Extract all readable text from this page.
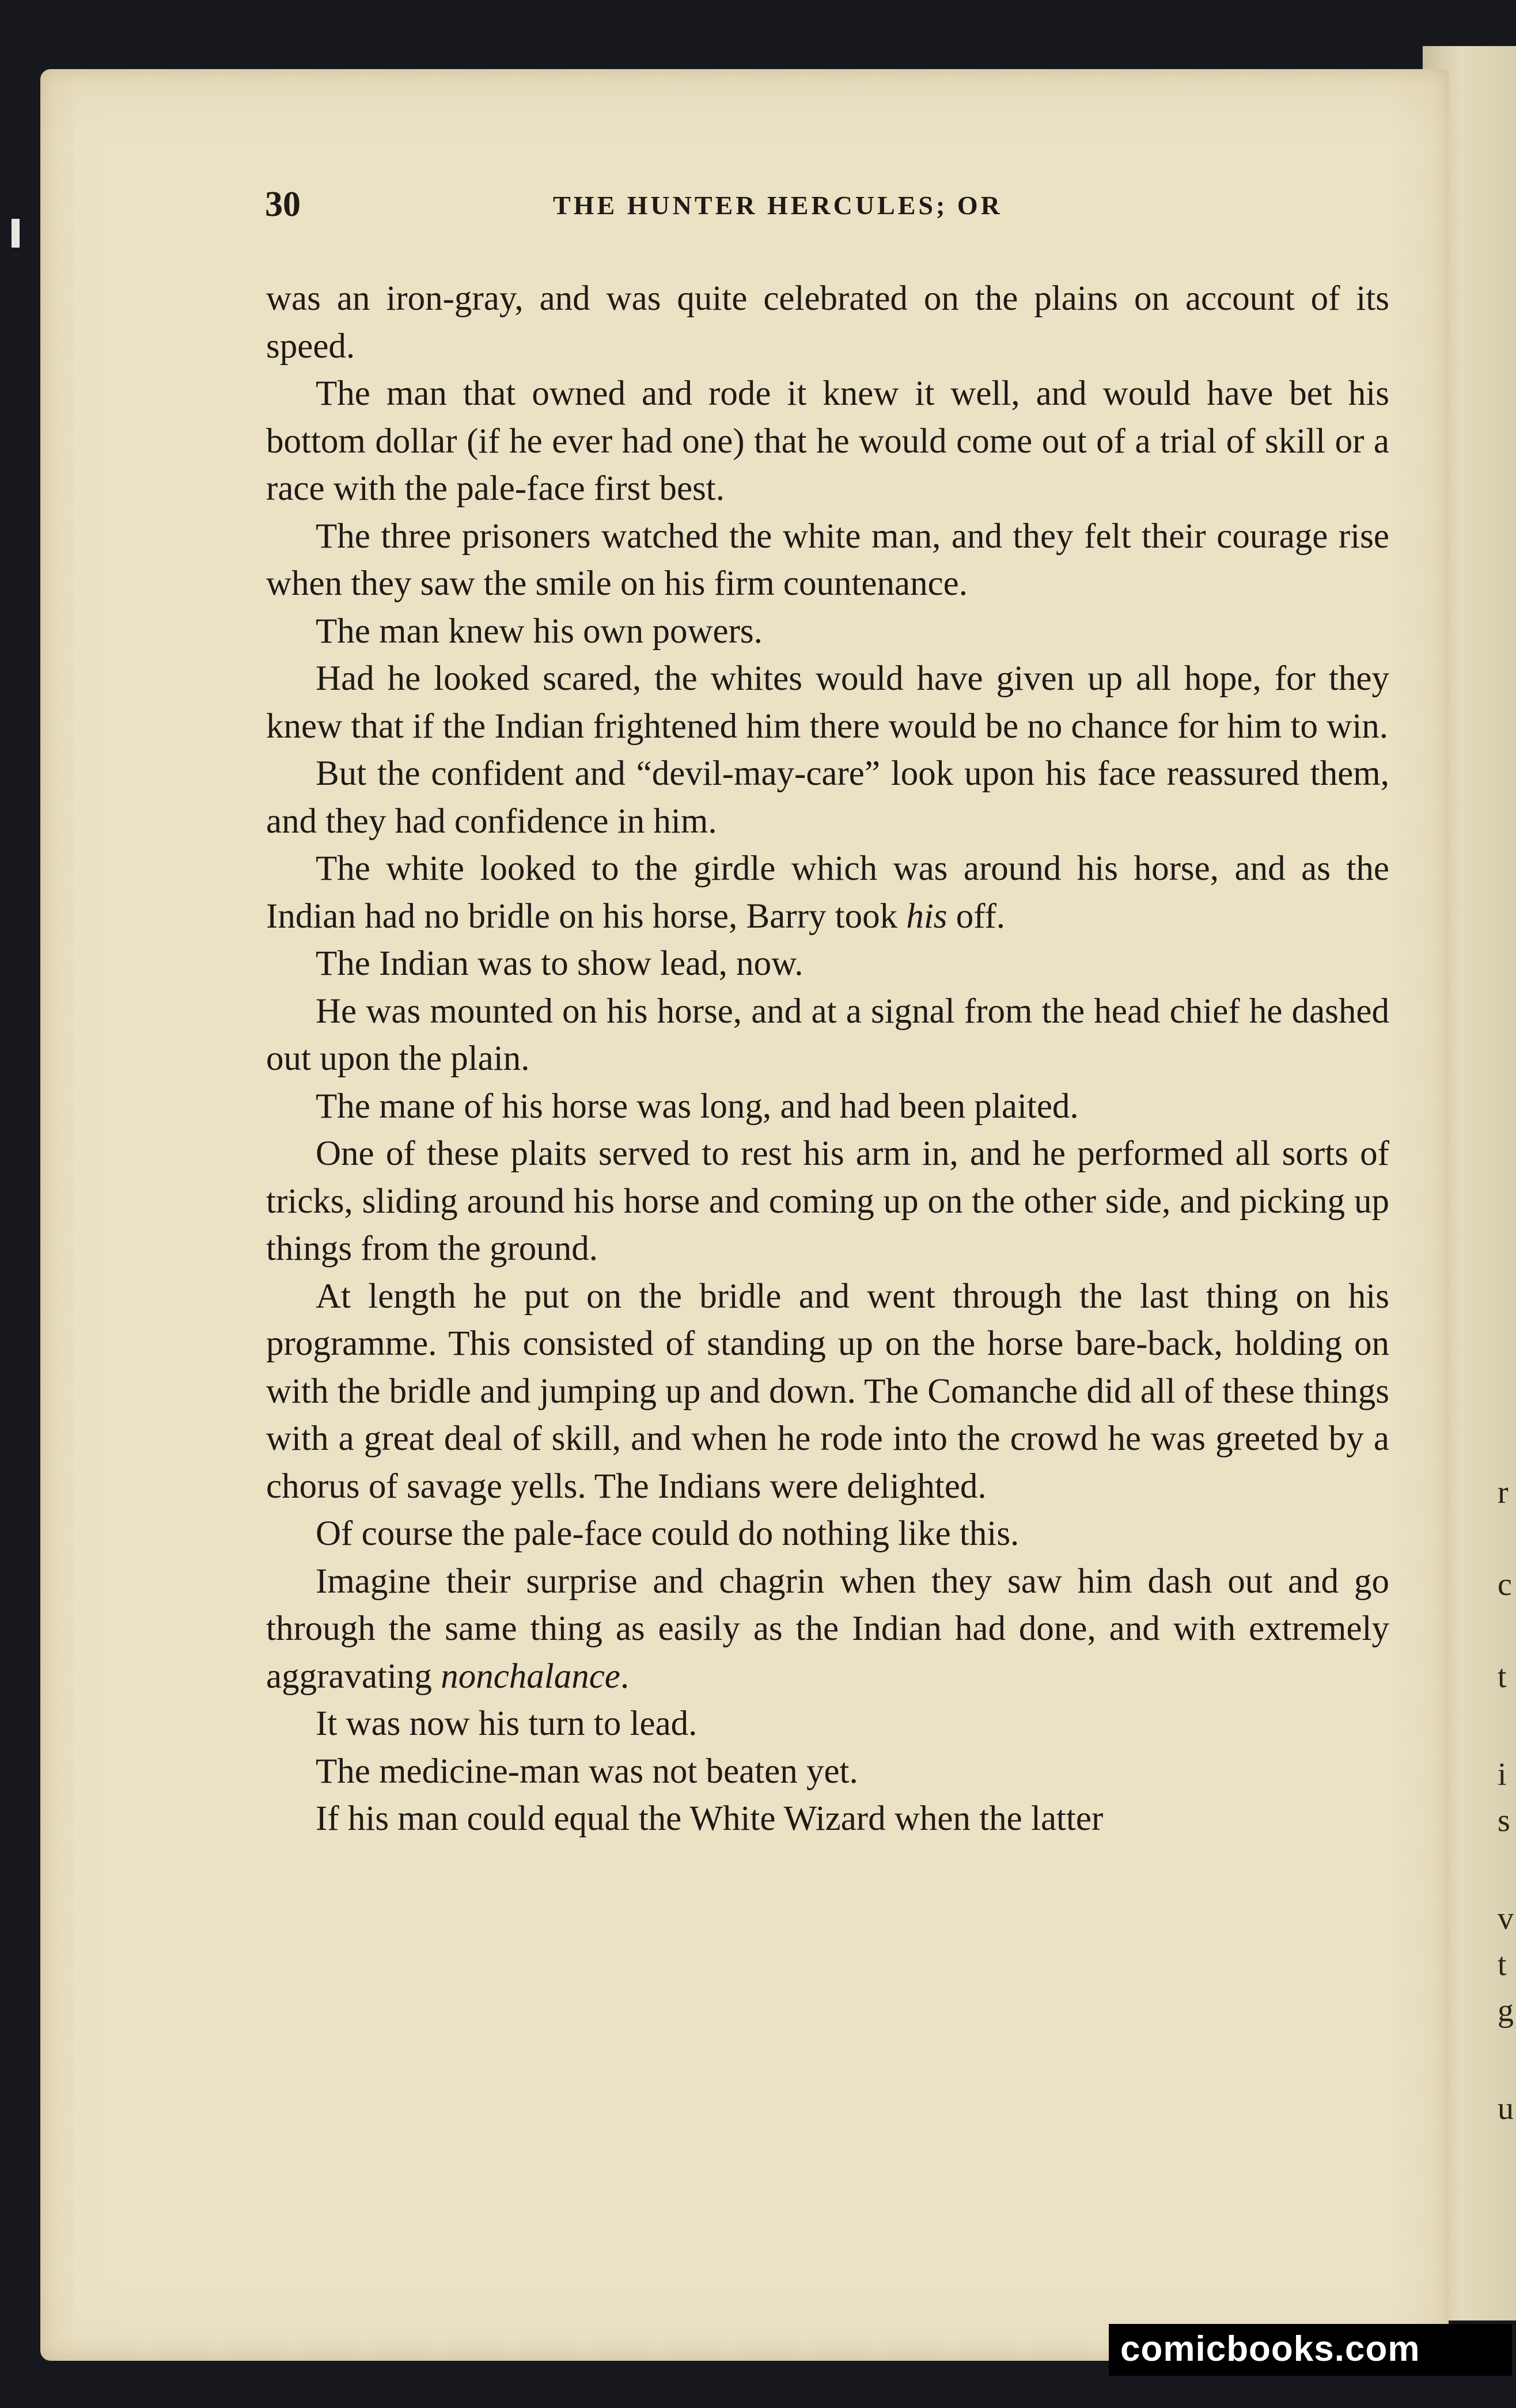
r
c
t
i
s
v
t
g
u
30	THE HUNTER HERCULES; OR

was an iron-gray, and was quite celebrated on the plains on account of its speed.

The man that owned and rode it knew it well, and would have bet his bottom dollar (if he ever had one) that he would come out of a trial of skill or a race with the pale-face first best.

The three prisoners watched the white man, and they felt their courage rise when they saw the smile on his firm countenance.

The man knew his own powers.

Had he looked scared, the whites would have given up all hope, for they knew that if the Indian frightened him there would be no chance for him to win.

But the confident and “devil-may-care” look upon his face reassured them, and they had confidence in him.

The white looked to the girdle which was around his horse, and as the Indian had no bridle on his horse, Barry took his off.

The Indian was to show lead, now.

He was mounted on his horse, and at a signal from the head chief he dashed out upon the plain.

The mane of his horse was long, and had been plaited.

One of these plaits served to rest his arm in, and he performed all sorts of tricks, sliding around his horse and coming up on the other side, and picking up things from the ground.

At length he put on the bridle and went through the last thing on his programme. This consisted of standing up on the horse bare-back, holding on with the bridle and jumping up and down. The Comanche did all of these things with a great deal of skill, and when he rode into the crowd he was greeted by a chorus of savage yells. The Indians were delighted.

Of course the pale-face could do nothing like this.

Imagine their surprise and chagrin when they saw him dash out and go through the same thing as easily as the Indian had done, and with extremely aggravating nonchalance.

It was now his turn to lead.

The medicine-man was not beaten yet.

If his man could equal the White Wizard when the latter

comicbooks.com
